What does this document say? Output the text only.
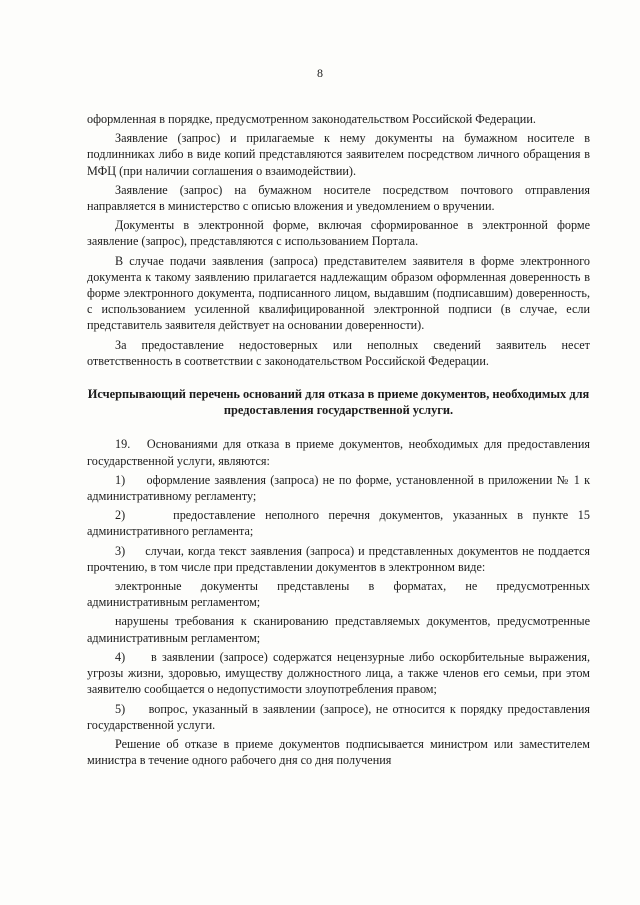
8

оформленная в порядке, предусмотренном законодательством Российской Федерации.

Заявление (запрос) и прилагаемые к нему документы на бумажном носителе в подлинниках либо в виде копий представляются заявителем посредством личного обращения в МФЦ (при наличии соглашения о взаимодействии).

Заявление (запрос) на бумажном носителе посредством почтового отправления направляется в министерство с описью вложения и уведомлением о вручении.

Документы в электронной форме, включая сформированное в электронной форме заявление (запрос), представляются с использованием Портала.

В случае подачи заявления (запроса) представителем заявителя в форме электронного документа к такому заявлению прилагается надлежащим образом оформленная доверенность в форме электронного документа, подписанного лицом, выдавшим (подписавшим) доверенность, с использованием усиленной квалифицированной электронной подписи (в случае, если представитель заявителя действует на основании доверенности).

За предоставление недостоверных или неполных сведений заявитель несет ответственность в соответствии с законодательством Российской Федерации.

Исчерпывающий перечень оснований для отказа в приеме документов, необходимых для предоставления государственной услуги.

19.   Основаниями для отказа в приеме документов, необходимых для предоставления государственной услуги, являются:

1)     оформление заявления (запроса) не по форме, установленной в приложении № 1 к административному регламенту;

2)     предоставление неполного перечня документов, указанных в пункте 15 административного регламента;

3)     случаи, когда текст заявления (запроса) и представленных документов не поддается прочтению, в том числе при представлении документов в электронном виде:

электронные документы представлены в форматах, не предусмотренных административным регламентом;

нарушены требования к сканированию представляемых документов, предусмотренные административным регламентом;

4)     в заявлении (запросе) содержатся нецензурные либо оскорбительные выражения, угрозы жизни, здоровью, имуществу должностного лица, а также членов его семьи, при этом заявителю сообщается о недопустимости злоупотребления правом;

5)     вопрос, указанный в заявлении (запросе), не относится к порядку предоставления государственной услуги.

Решение об отказе в приеме документов подписывается министром или заместителем министра в течение одного рабочего дня со дня получения
